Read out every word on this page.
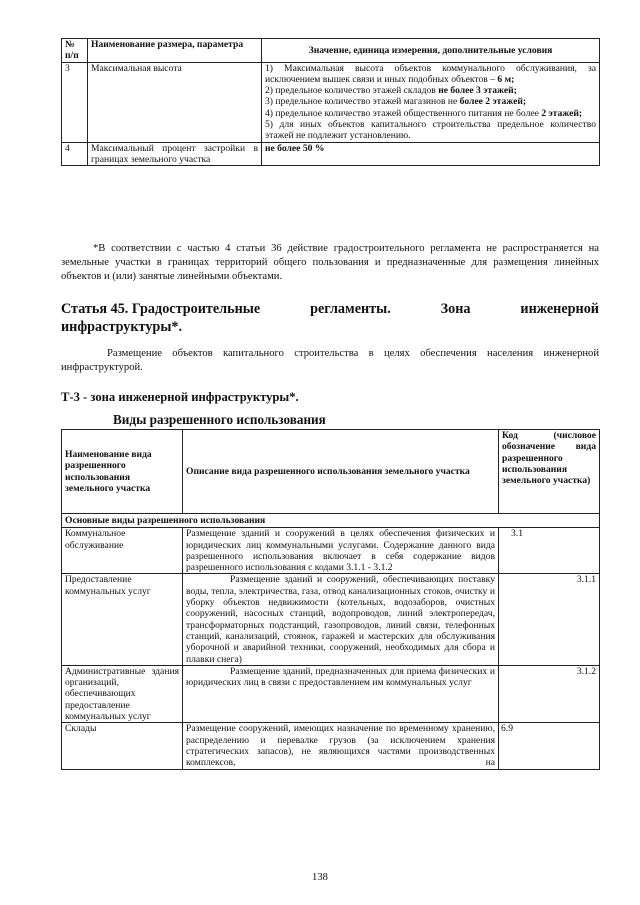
№ п/п	Наименование размера, параметра	Значение, единица измерения, дополнительные условия
3	Максимальная высота	1) Максимальная высота объектов коммунального обслуживания, за исключением вышек связи и иных подобных объектов – 6 м;
2) предельное количество этажей складов не более 3 этажей;
3) предельное количество этажей магазинов не более 2 этажей;
4) предельное количество этажей общественного питания не более 2 этажей;
5) для иных объектов капитального строительства предельное количество этажей не подлежит установлению.

4	Максимальный процент застройки в границах земельного участка	не более 50 %
*В соответствии с частью 4 статьи 36 действие градостроительного регламента не распространяется на земельные участки в границах территорий общего пользования и предназначенные для размещения линейных объектов и (или) занятые линейными объектами.
Статья 45. Градостроительные	регламенты.	Зона	инженерной
инфраструктуры*.
Размещение объектов капитального строительства в целях обеспечения населения инженерной инфраструктурой.
Т-3 - зона инженерной инфраструктуры*.
Виды разрешенного использования
Наименование вида разрешенного использования земельного участка	Описание вида разрешенного использования земельного участка	Код (числовое обозначение вида разрешенного использования земельного участка)
Основные виды разрешенного использования		
Коммунальное обслуживание	Размещение зданий и сооружений в целях обеспечения физических и юридических лиц коммунальными услугами. Содержание данного вида разрешенного использования включает в себя содержание видов разрешенного использования с кодами 3.1.1 - 3.1.2	3.1
Предоставление коммунальных услуг	Размещение зданий и сооружений, обеспечивающих поставку воды, тепла, электричества, газа, отвод канализационных стоков, очистку и уборку объектов недвижимости (котельных, водозаборов, очистных сооружений, насосных станций, водопроводов, линий электропередач, трансформаторных подстанций, газопроводов, линий связи, телефонных станций, канализаций, стоянок, гаражей и мастерских для обслуживания уборочной и аварийной техники, сооружений, необходимых для сбора и плавки снега)	3.1.1
Административные здания организаций, обеспечивающих предоставление коммунальных услуг	Размещение зданий, предназначенных для приема физических и юридических лиц в связи с предоставлением им коммунальных услуг	3.1.2
Склады	Размещение сооружений, имеющих назначение по временному хранению, распределению и перевалке грузов (за исключением хранения стратегических запасов), не являющихся частями производственных комплексов, на	6.9
138
